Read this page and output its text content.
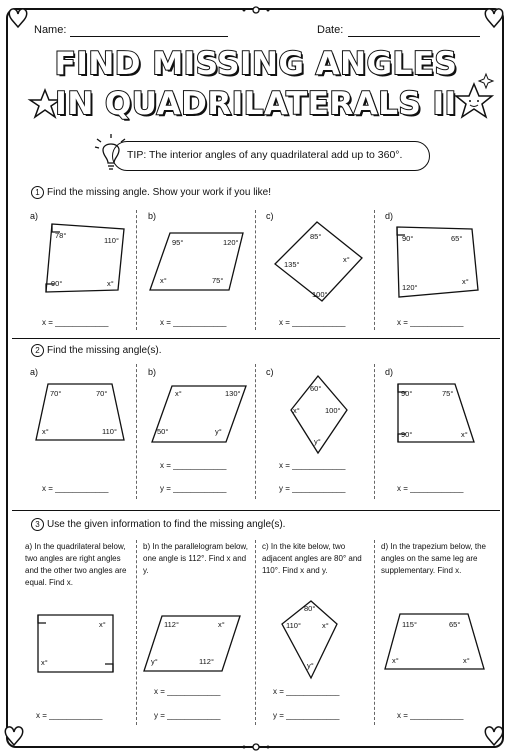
Name:	Date:
FIND MISSING ANGLES
IN QUADRILATERALS II
TIP: The interior angles of any quadrilateral add up to 360°.
1 Find the missing angle. Show your work if you like!
a)	b)	c)	d)
78°
110°
90°	x°
95°	120°
x°	75°
85°
135°
x°
100°
90°	65°
120°
x°
x = ____________	x = ____________	x = ____________	x = ____________
2 Find the missing angle(s).
a)	b)	c)	d)
70°	70°
x°	110°
x°	130°
50°	y°
60°
x°	100°
y°
90°	75°
90°	x°
x = ____________
x = ____________
y = ____________
x = ____________
y = ____________	x = ____________
3 Use the given information to find the missing angle(s).
a) In the quadrilateral below, two angles are right angles and the other two angles are equal. Find x.
b) In the parallelogram below, one angle is 112°. Find x and y.
c) In the kite below, two adjacent angles are 80° and 110°. Find x and y.
d) In the trapezium below, the angles on the same leg are supplementary. Find x.
x°
x°
112°	x°
y°	112°
80°
110°	x°
y°
115°	65°
x°	x°
x = ____________
x = ____________
y = ____________
x = ____________
y = ____________	x = ____________
